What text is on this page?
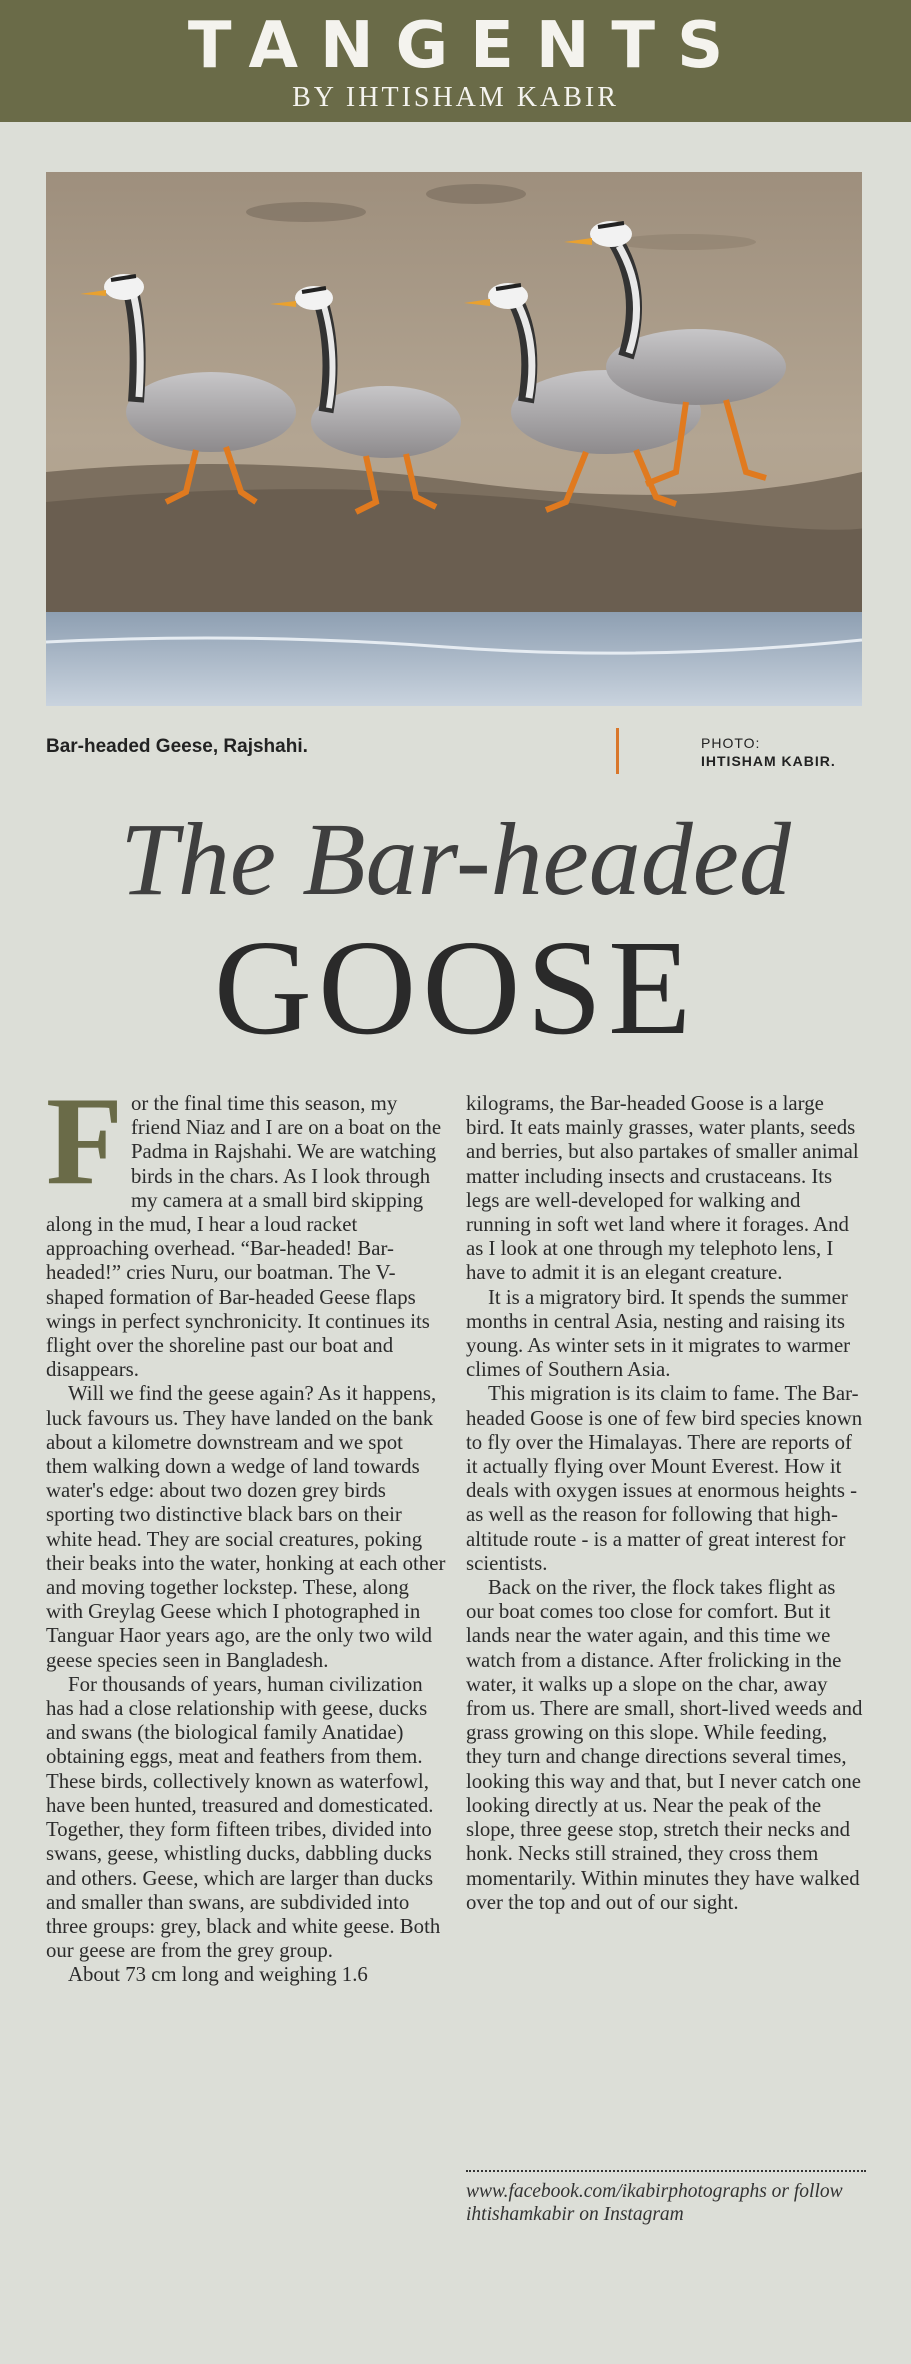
TANGENTS
BY IHTISHAM KABIR
Bar-headed Geese, Rajshahi.	PHOTO:
IHTISHAM KABIR.
The Bar-headed
GOOSE
F or the final time this season, my friend Niaz and I are on a boat on the Padma in Rajshahi. We are watching birds in the chars. As I look through my camera at a small bird skipping along in the mud, I hear a loud racket approaching overhead. “Bar-headed! Bar-headed!” cries Nuru, our boatman. The V-shaped formation of Bar-headed Geese flaps wings in perfect synchronicity. It continues its flight over the shoreline past our boat and disappears.

Will we find the geese again? As it happens, luck favours us. They have landed on the bank about a kilometre downstream and we spot them walking down a wedge of land towards water's edge: about two dozen grey birds sporting two distinctive black bars on their white head. They are social creatures, poking their beaks into the water, honking at each other and moving together lockstep. These, along with Greylag Geese which I photographed in Tanguar Haor years ago, are the only two wild geese species seen in Bangladesh.

For thousands of years, human civilization has had a close relationship with geese, ducks and swans (the biological family Anatidae) obtaining eggs, meat and feathers from them. These birds, collectively known as waterfowl, have been hunted, treasured and domesticated. Together, they form fifteen tribes, divided into swans, geese, whistling ducks, dabbling ducks and others. Geese, which are larger than ducks and smaller than swans, are subdivided into three groups: grey, black and white geese. Both our geese are from the grey group.

About 73 cm long and weighing 1.6

kilograms, the Bar-headed Goose is a large bird. It eats mainly grasses, water plants, seeds and berries, but also partakes of smaller animal matter including insects and crustaceans. Its legs are well-developed for walking and running in soft wet land where it forages. And as I look at one through my telephoto lens, I have to admit it is an elegant creature.

It is a migratory bird. It spends the summer months in central Asia, nesting and raising its young. As winter sets in it migrates to warmer climes of Southern Asia.

This migration is its claim to fame. The Bar-headed Goose is one of few bird species known to fly over the Himalayas. There are reports of it actually flying over Mount Everest. How it deals with oxygen issues at enormous heights - as well as the reason for following that high-altitude route - is a matter of great interest for scientists.

Back on the river, the flock takes flight as our boat comes too close for comfort. But it lands near the water again, and this time we watch from a distance. After frolicking in the water, it walks up a slope on the char, away from us. There are small, short-lived weeds and grass growing on this slope. While feeding, they turn and change directions several times, looking this way and that, but I never catch one looking directly at us. Near the peak of the slope, three geese stop, stretch their necks and honk. Necks still strained, they cross them momentarily. Within minutes they have walked over the top and out of our sight.

www.facebook.com/ikabirphotographs or follow ihtishamkabir on Instagram
